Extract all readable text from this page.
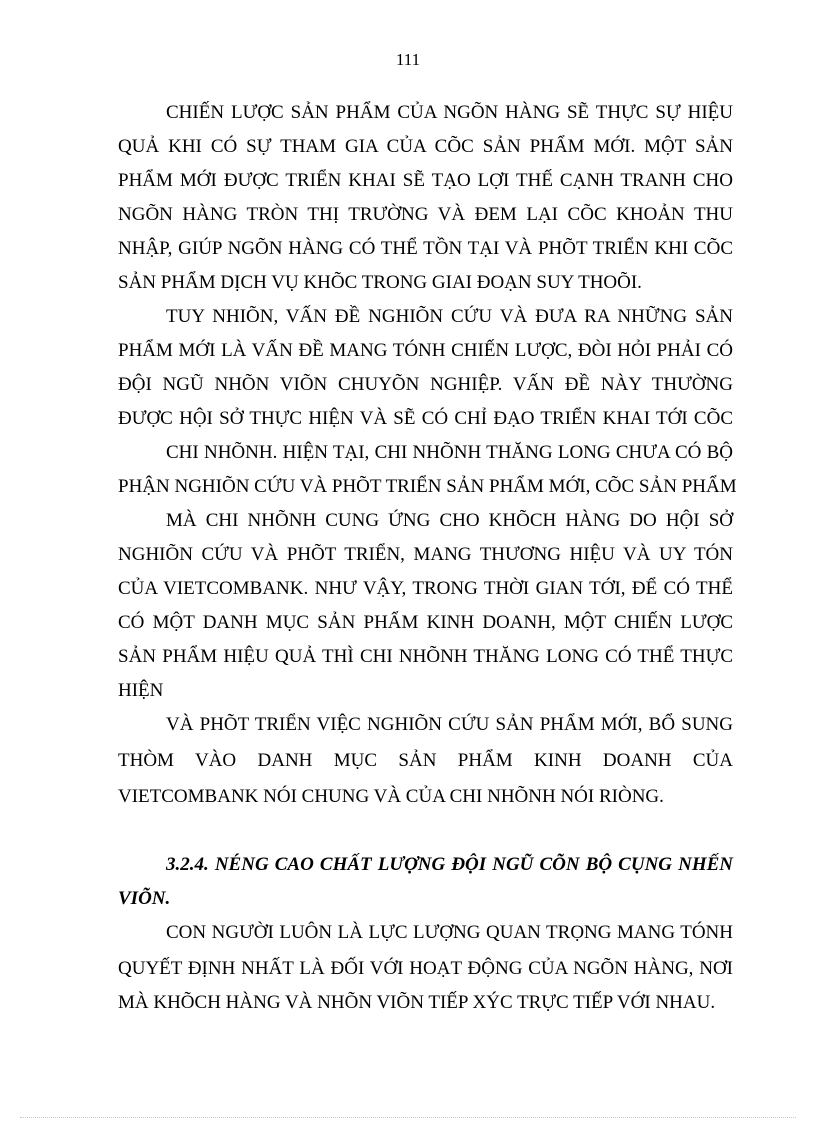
111
CHIẾN LƯỢC SẢN PHẨM CỦA NGÕN HÀNG SẼ THỰC SỰ HIỆU
QUẢ KHI CÓ SỰ THAM GIA CỦA CÕC SẢN PHẨM MỚI. MỘT SẢN
PHẨM MỚI ĐƯỢC TRIỂN KHAI SẼ TẠO LỢI THẾ CẠNH TRANH CHO
NGÕN HÀNG TRÒN THỊ TRƯỜNG VÀ ĐEM LẠI CÕC KHOẢN THU
NHẬP, GIÚP NGÕN HÀNG CÓ THỂ TỒN TẠI VÀ PHÕT TRIỂN KHI CÕC
SẢN PHẨM DỊCH VỤ KHÕC TRONG GIAI ĐOẠN SUY THOÕI.
TUY NHIÕN, VẤN ĐỀ NGHIÕN CỨU VÀ ĐƯA RA NHỮNG SẢN
PHẨM MỚI LÀ VẤN ĐỀ MANG TÓNH CHIẾN LƯỢC, ĐÒI HỎI PHẢI CÓ
ĐỘI NGŨ NHÕN VIÕN CHUYÕN NGHIỆP. VẤN ĐỀ NÀY THƯỜNG
ĐƯỢC HỘI SỞ THỰC HIỆN VÀ SẼ CÓ CHỈ ĐẠO TRIỂN KHAI TỚI CÕC
CHI NHÕNH. HIỆN TẠI, CHI NHÕNH THĂNG LONG CHƯA CÓ BỘ
PHẬN NGHIÕN CỨU VÀ PHÕT TRIỂN SẢN PHẨM MỚI, CÕC SẢN PHẨM
MÀ CHI NHÕNH CUNG ỨNG CHO KHÕCH HÀNG DO HỘI SỞ
NGHIÕN CỨU VÀ PHÕT TRIỂN, MANG THƯƠNG HIỆU VÀ UY TÓN
CỦA VIETCOMBANK. NHƯ VẬY, TRONG THỜI GIAN TỚI, ĐỂ CÓ THỂ
CÓ MỘT DANH MỤC SẢN PHẨM KINH DOANH, MỘT CHIẾN LƯỢC
SẢN PHẨM HIỆU QUẢ THÌ CHI NHÕNH THĂNG LONG CÓ THỂ THỰC
HIỆN
VÀ PHÕT TRIỂN VIỆC NGHIÕN CỨU SẢN PHẨM MỚI, BỔ SUNG
THÒM VÀO DANH MỤC SẢN PHẨM KINH DOANH CỦA
VIETCOMBANK NÓI CHUNG VÀ CỦA CHI NHÕNH NÓI RIÒNG.
3.2.4. NÉNG CAO CHẤT LƯỢNG ĐỘI NGŨ CÕN BỘ CỤNG NHẾN
VIÕN.
CON NGƯỜI LUÔN LÀ LỰC LƯỢNG QUAN TRỌNG MANG TÓNH
QUYẾT ĐỊNH NHẤT LÀ ĐỐI VỚI HOẠT ĐỘNG CỦA NGÕN HÀNG, NƠI
MÀ KHÕCH HÀNG VÀ NHÕN VIÕN TIẾP XÝC TRỰC TIẾP VỚI NHAU.
